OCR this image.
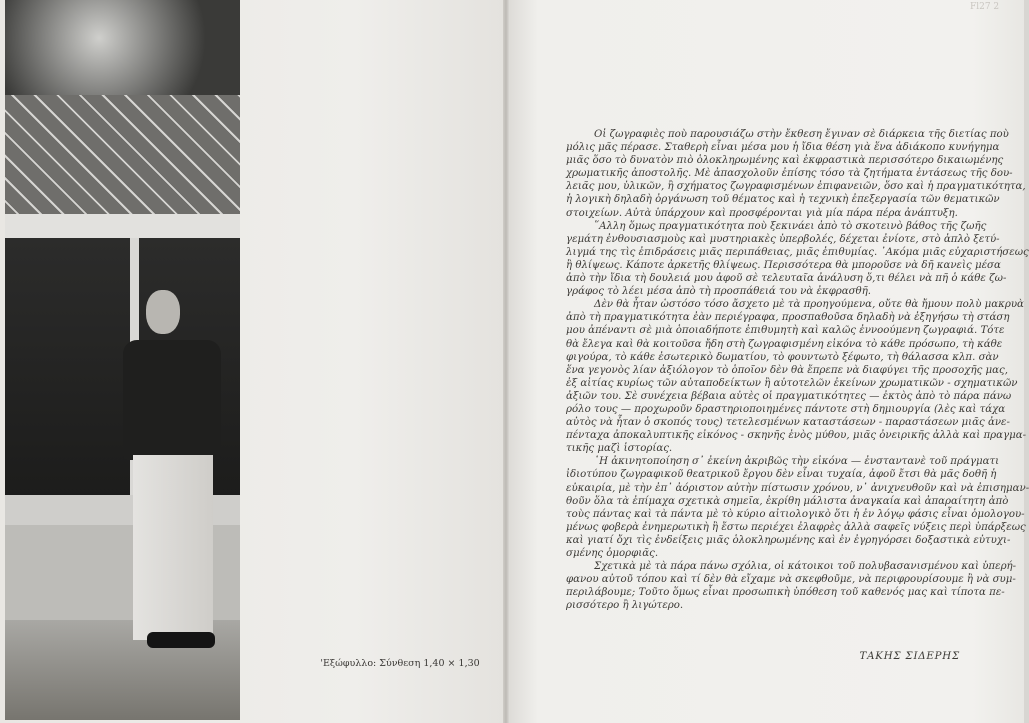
'Εξώφυλλο: Σύνθεση 1,40 × 1,30
Fl27 2
Οἱ ζωγραφιὲς ποὺ παρουσιάζω στὴν ἔκθεση ἔγιναν σὲ διάρκεια τῆς διετίας ποὺ
μόλις μᾶς πέρασε. Σταθερὴ εἶναι μέσα μου ἡ ἴδια θέση γιὰ ἕνα ἀδιάκοπο κυνήγημα
μιᾶς ὅσο τὸ δυνατὸν πιὸ ὁλοκληρωμένης καὶ ἐκφραστικὰ περισσότερο δικαιωμένης
χρωματικῆς ἀποστολῆς. Μὲ ἀπασχολοῦν ἐπίσης τόσο τὰ ζητήματα ἐντάσεως τῆς δου-
λειᾶς μου, ὑλικῶν, ἢ σχήματος ζωγραφισμένων ἐπιφανειῶν, ὅσο καὶ ἡ πραγματικότητα,
ἡ λογικὴ δηλαδὴ ὀργάνωση τοῦ θέματος καὶ ἡ τεχνικὴ ἐπεξεργασία τῶν θεματικῶν
στοιχείων. Αὐτὰ ὑπάρχουν καὶ προσφέρονται γιὰ μία πάρα πέρα ἀνάπτυξη.
῞Αλλη ὅμως πραγματικότητα ποὺ ξεκινάει ἀπὸ τὸ σκοτεινὸ βάθος τῆς ζωῆς
γεμάτη ἐνθουσιασμοὺς καὶ μυστηριακὲς ὑπερβολές, δέχεται ἐνίοτε, στὸ ἁπλὸ ξετύ-
λιγμά της τὶς ἐπιδράσεις μιᾶς περιπάθειας, μιᾶς ἐπιθυμίας. ᾽Ακόμα μιᾶς εὐχαριστήσεως
ἢ θλίψεως. Κάποτε ἀρκετῆς θλίψεως. Περισσότερα θὰ μποροῦσε νὰ δῆ κανεὶς μέσα
ἀπὸ τὴν ἴδια τὴ δουλειά μου ἀφοῦ σὲ τελευταῖα ἀνάλυση ὅ,τι θέλει νὰ πῆ ὁ κάθε ζω-
γράφος τὸ λέει μέσα ἀπὸ τὴ προσπάθειά του νὰ ἐκφρασθῆ.
Δὲν θὰ ἦταν ὡστόσο τόσο ἄσχετο μὲ τὰ προηγούμενα, οὔτε θὰ ἤμουν πολὺ μακρυὰ
ἀπὸ τὴ πραγματικότητα ἐὰν περιέγραφα, προσπαθοῦσα δηλαδὴ νὰ ἐξηγήσω τὴ στάση
μου ἀπέναντι σὲ μιὰ ὁποιαδήποτε ἐπιθυμητὴ καὶ καλῶς ἐννοούμενη ζωγραφιά. Τότε
θὰ ἔλεγα καὶ θὰ κοιτοῦσα ἤδη στὴ ζωγραφισμένη εἰκόνα τὸ κάθε πρόσωπο, τὴ κάθε
φιγούρα, τὸ κάθε ἐσωτερικὸ δωματίου, τὸ φουντωτὸ ξέφωτο, τὴ θάλασσα κλπ. σὰν
ἕνα γεγονὸς λίαν ἀξιόλογον τὸ ὁποῖον δὲν θὰ ἔπρεπε νὰ διαφύγει τῆς προσοχῆς μας,
ἐξ αἰτίας κυρίως τῶν αὐταποδείκτων ἢ αὐτοτελῶν ἐκείνων χρωματικῶν - σχηματικῶν
ἀξιῶν του. Σὲ συνέχεια βέβαια αὐτὲς οἱ πραγματικότητες — ἐκτὸς ἀπὸ τὸ πάρα πάνω
ρόλο τους — προχωροῦν δραστηριοποιημένες πάντοτε στὴ δημιουργία (λὲς καὶ τάχα
αὐτὸς νὰ ἦταν ὁ σκοπός τους) τετελεσμένων καταστάσεων - παραστάσεων μιᾶς ἀνε-
πένταχα ἀποκαλυπτικῆς εἰκόνος - σκηνῆς ἑνὸς μύθου, μιᾶς ὀνειρικῆς ἀλλὰ καὶ πραγμα-
τικῆς μαζὶ ἱστορίας.
῾Η ἀκινητοποίηση σ᾽ ἐκείνη ἀκριβῶς τὴν εἰκόνα — ἐνσταντανὲ τοῦ πράγματι
ἰδιοτύπου ζωγραφικοῦ θεατρικοῦ ἔργου δὲν εἶναι τυχαία, ἀφοῦ ἔτσι θὰ μᾶς δοθῆ ἡ
εὐκαιρία, μὲ τὴν ἐπ᾽ ἀόριστον αὐτὴν πίστωσιν χρόνου, ν᾽ ἀνιχνευθοῦν καὶ νὰ ἐπισημαν-
θοῦν ὅλα τὰ ἐπίμαχα σχετικὰ σημεῖα, ἐκρίθη μάλιστα ἀναγκαία καὶ ἀπαραίτητη ἀπὸ
τοὺς πάντας καὶ τὰ πάντα μὲ τὸ κύριο αἰτιολογικὸ ὅτι ἡ ἐν λόγῳ φάσις εἶναι ὁμολογου-
μένως φοβερὰ ἐνημερωτικὴ ἢ ἔστω περιέχει ἐλαφρὲς ἀλλὰ σαφεῖς νύξεις περὶ ὑπάρξεως
καὶ γιατί ὄχι τὶς ἐνδείξεις μιᾶς ὁλοκληρωμένης καὶ ἐν ἐγρηγόρσει δοξαστικὰ εὐτυχι-
σμένης ὀμορφιᾶς.
Σχετικὰ μὲ τὰ πάρα πάνω σχόλια, οἱ κάτοικοι τοῦ πολυβασανισμένου καὶ ὑπερή-
φανου αὐτοῦ τόπου καὶ τί δὲν θὰ εἴχαμε νὰ σκεφθοῦμε, νὰ περιφρουρίσουμε ἢ νὰ συμ-
περιλάβουμε; Τοῦτο ὅμως εἶναι προσωπικὴ ὑπόθεση τοῦ καθενός μας καὶ τίποτα πε-
ρισσότερο ἢ λιγώτερο.
ΤΑΚΗΣ ΣΙΔΕΡΗΣ
